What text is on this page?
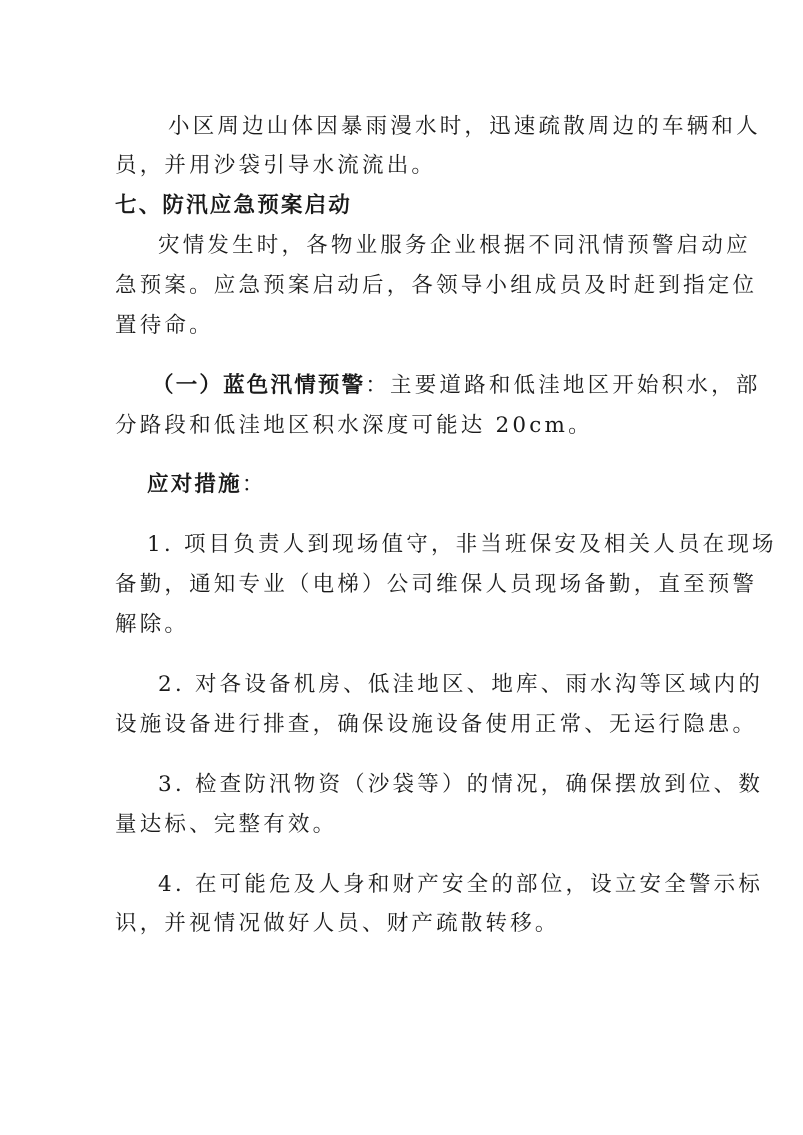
小区周边山体因暴雨漫水时，迅速疏散周边的车辆和人
员，并用沙袋引导水流流出。
七、防汛应急预案启动
灾情发生时，各物业服务企业根据不同汛情预警启动应
急预案。应急预案启动后，各领导小组成员及时赶到指定位
置待命。
（一）蓝色汛情预警：主要道路和低洼地区开始积水，部
分路段和低洼地区积水深度可能达 20cm。
应对措施：
1. 项目负责人到现场值守，非当班保安及相关人员在现场
备勤，通知专业（电梯）公司维保人员现场备勤，直至预警
解除。
2. 对各设备机房、低洼地区、地库、雨水沟等区域内的
设施设备进行排查，确保设施设备使用正常、无运行隐患。
3. 检查防汛物资（沙袋等）的情况，确保摆放到位、数
量达标、完整有效。
4. 在可能危及人身和财产安全的部位，设立安全警示标
识，并视情况做好人员、财产疏散转移。
